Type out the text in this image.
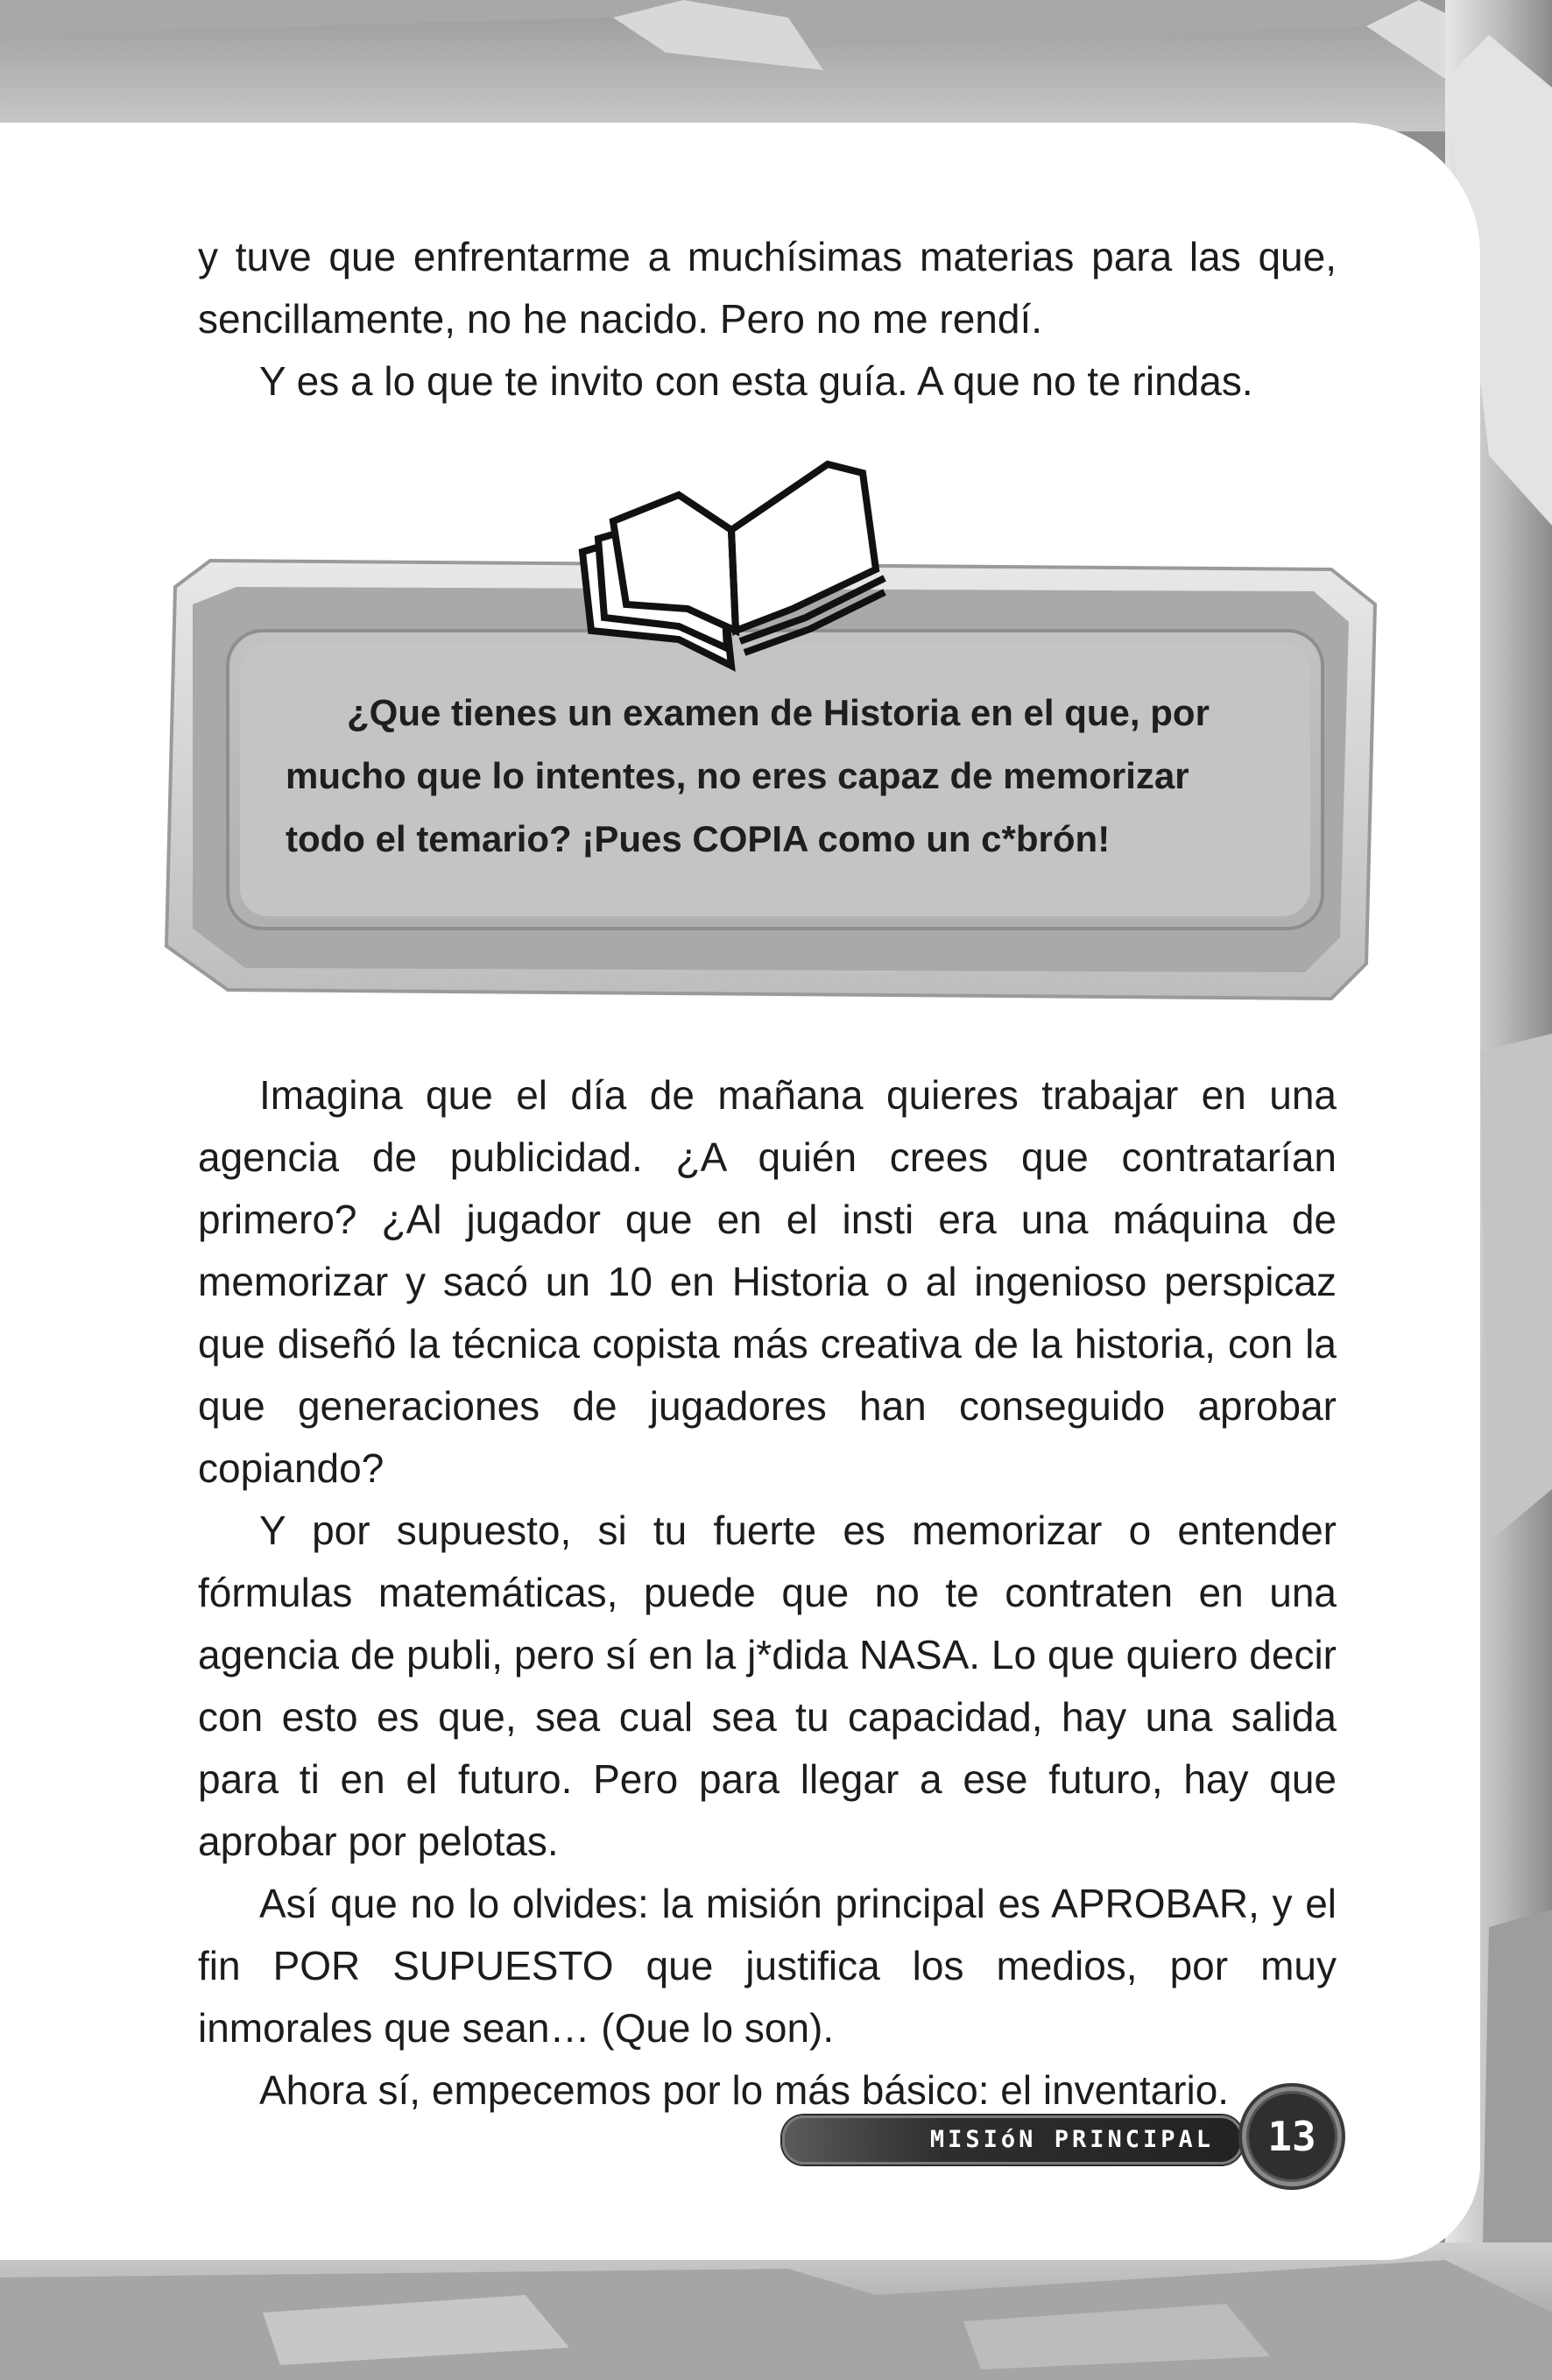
y tuve que enfrentarme a muchísimas materias para las que, sencillamente, no he nacido. Pero no me rendí.

Y es a lo que te invito con esta guía. A que no te rindas.

¿Que tienes un examen de Historia en el que, por mucho que lo intentes, no eres capaz de memorizar todo el temario? ¡Pues COPIA como un c*brón!

Imagina que el día de mañana quieres trabajar en una agencia de publicidad. ¿A quién crees que contratarían primero? ¿Al jugador que en el insti era una máquina de memorizar y sacó un 10 en Historia o al ingenioso perspicaz que diseñó la técnica copista más creativa de la historia, con la que generaciones de jugadores han conseguido aprobar copiando?

Y por supuesto, si tu fuerte es memorizar o entender fórmulas matemáticas, puede que no te contraten en una agencia de publi, pero sí en la j*dida NASA. Lo que quiero decir con esto es que, sea cual sea tu capacidad, hay una salida para ti en el futuro. Pero para llegar a ese futuro, hay que aprobar por pelotas.

Así que no lo olvides: la misión principal es APROBAR, y el fin POR SUPUESTO que justifica los medios, por muy inmorales que sean… (Que lo son).

Ahora sí, empecemos por lo más básico: el inventario.

MISIóN PRINCIPAL 13
